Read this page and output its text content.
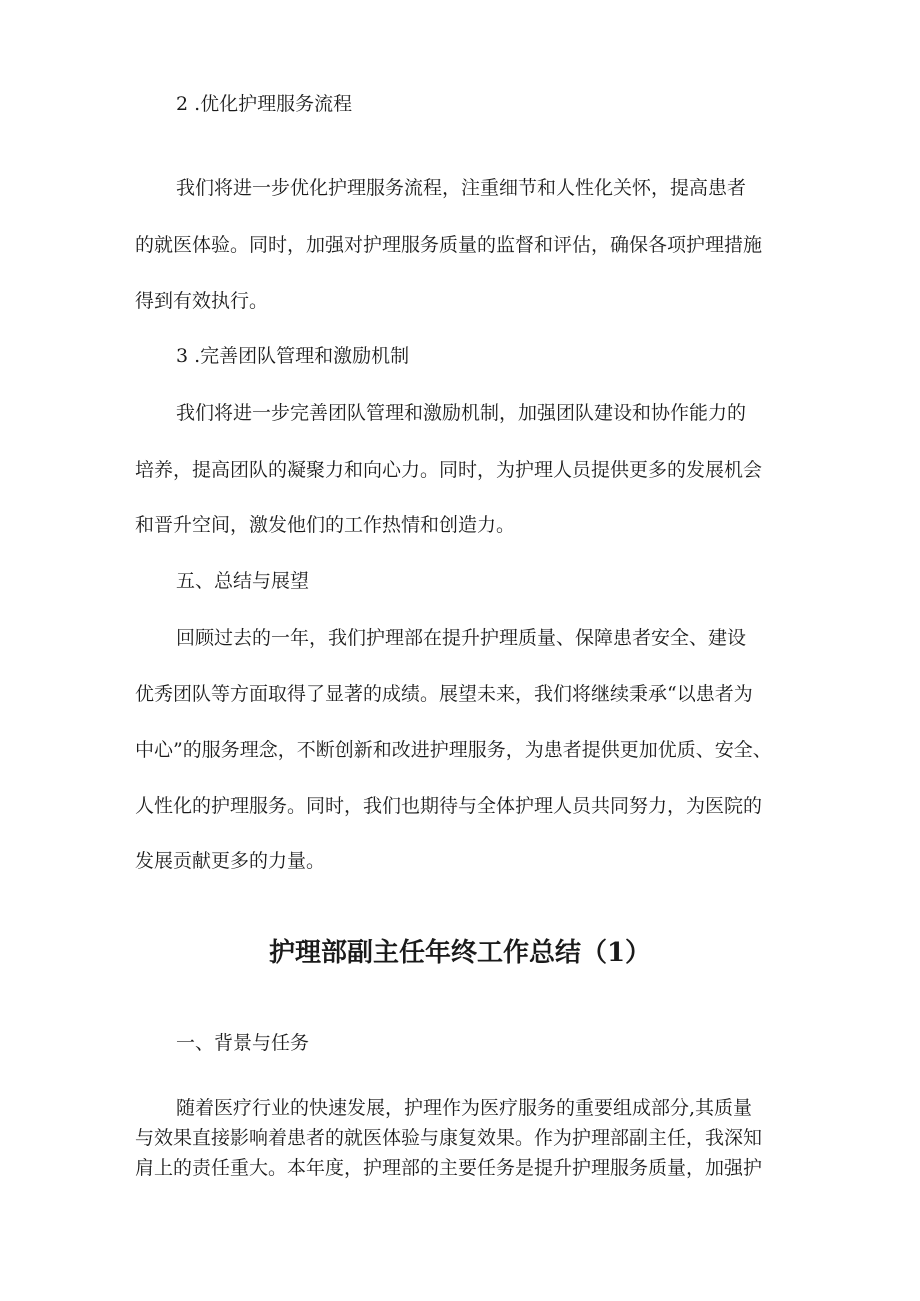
2 .优化护理服务流程

我们将进一步优化护理服务流程，注重细节和人性化关怀，提高患者

的就医体验。同时，加强对护理服务质量的监督和评估，确保各项护理措施

得到有效执行。

3 .完善团队管理和激励机制

我们将进一步完善团队管理和激励机制，加强团队建设和协作能力的

培养，提高团队的凝聚力和向心力。同时，为护理人员提供更多的发展机会

和晋升空间，激发他们的工作热情和创造力。

五、总结与展望

回顾过去的一年，我们护理部在提升护理质量、保障患者安全、建设

优秀团队等方面取得了显著的成绩。展望未来，我们将继续秉承“以患者为

中心”的服务理念，不断创新和改进护理服务，为患者提供更加优质、安全、

人性化的护理服务。同时，我们也期待与全体护理人员共同努力，为医院的

发展贡献更多的力量。

护理部副主任年终工作总结（1）

一、背景与任务

随着医疗行业的快速发展，护理作为医疗服务的重要组成部分,其质量

与效果直接影响着患者的就医体验与康复效果。作为护理部副主任，我深知

肩上的责任重大。本年度，护理部的主要任务是提升护理服务质量，加强护
